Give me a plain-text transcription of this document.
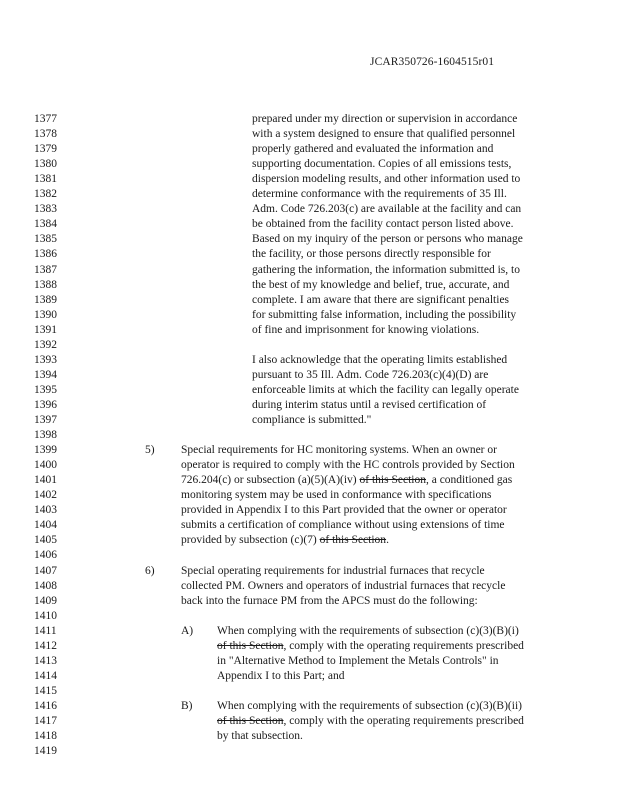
JCAR350726-1604515r01
1377	prepared under my direction or supervision in accordance
1378	with a system designed to ensure that qualified personnel
1379	properly gathered and evaluated the information and
1380	supporting documentation. Copies of all emissions tests,
1381	dispersion modeling results, and other information used to
1382	determine conformance with the requirements of 35 Ill.
1383	Adm. Code 726.203(c) are available at the facility and can
1384	be obtained from the facility contact person listed above.
1385	Based on my inquiry of the person or persons who manage
1386	the facility, or those persons directly responsible for
1387	gathering the information, the information submitted is, to
1388	the best of my knowledge and belief, true, accurate, and
1389	complete. I am aware that there are significant penalties
1390	for submitting false information, including the possibility
1391	of fine and imprisonment for knowing violations.
1392
1393	I also acknowledge that the operating limits established
1394	pursuant to 35 Ill. Adm. Code 726.203(c)(4)(D) are
1395	enforceable limits at which the facility can legally operate
1396	during interim status until a revised certification of
1397	compliance is submitted."
1398
1399	5) Special requirements for HC monitoring systems. When an owner or
1400	operator is required to comply with the HC controls provided by Section
1401	726.204(c) or subsection (a)(5)(A)(iv) of this Section, a conditioned gas
1402	monitoring system may be used in conformance with specifications
1403	provided in Appendix I to this Part provided that the owner or operator
1404	submits a certification of compliance without using extensions of time
1405	provided by subsection (c)(7) of this Section.
1406
1407	6) Special operating requirements for industrial furnaces that recycle
1408	collected PM. Owners and operators of industrial furnaces that recycle
1409	back into the furnace PM from the APCS must do the following:
1410
1411	A) When complying with the requirements of subsection (c)(3)(B)(i)
1412	of this Section, comply with the operating requirements prescribed
1413	in "Alternative Method to Implement the Metals Controls" in
1414	Appendix I to this Part; and
1415
1416	B) When complying with the requirements of subsection (c)(3)(B)(ii)
1417	of this Section, comply with the operating requirements prescribed
1418	by that subsection.
1419
